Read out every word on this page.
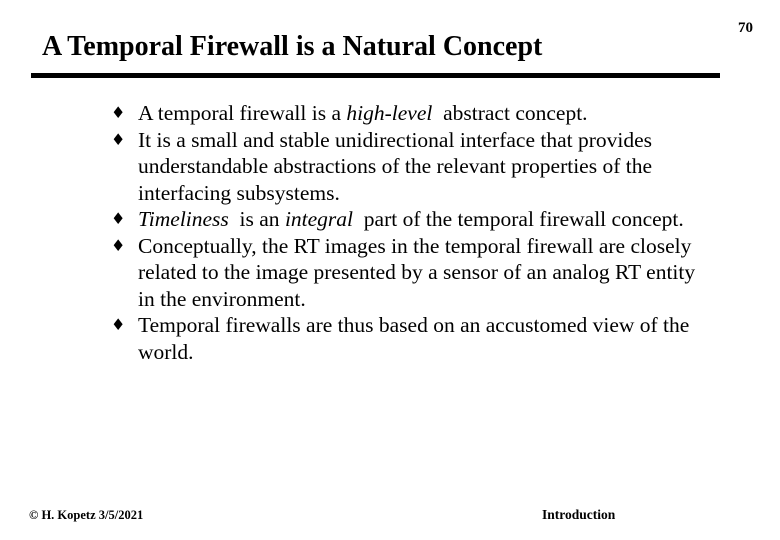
70
A Temporal Firewall is a Natural Concept
♦ A temporal firewall is a high-level  abstract concept.
♦ It is a small and stable unidirectional interface that provides understandable abstractions of the relevant properties of the interfacing subsystems.
♦ Timeliness  is an integral  part of the temporal firewall concept.
♦ Conceptually, the RT images in the temporal firewall are closely related to the image presented by a sensor of an analog RT entity in the environment.
♦ Temporal firewalls are thus based on an accustomed view of the world.
© H. Kopetz 3/5/2021	Introduction
